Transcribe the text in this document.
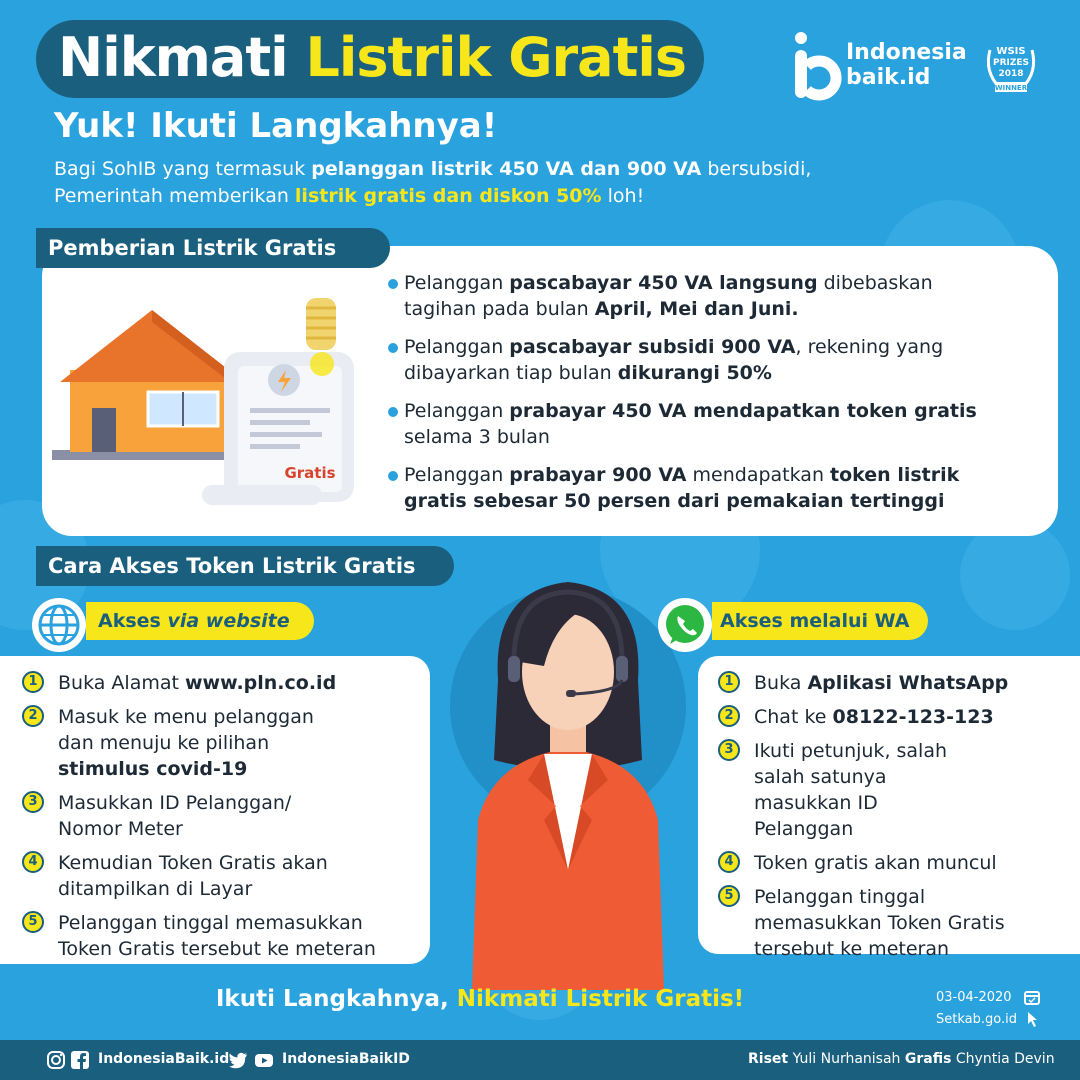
Nikmati Listrik Gratis
Yuk! Ikuti Langkahnya!
Bagi SohIB yang termasuk pelanggan listrik 450 VA dan 900 VA bersubsidi,
Pemerintah memberikan listrik gratis dan diskon 50% loh!
Indonesia
baik.id
WSIS
PRIZES
2018
WINNER
Pemberian Listrik Gratis
Gratis
Pelanggan pascabayar 450 VA langsung dibebaskan tagihan pada bulan April, Mei dan Juni.
Pelanggan pascabayar subsidi 900 VA, rekening yang dibayarkan tiap bulan dikurangi 50%
Pelanggan prabayar 450 VA mendapatkan token gratis selama 3 bulan
Pelanggan prabayar 900 VA mendapatkan token listrik gratis sebesar 50 persen dari pemakaian tertinggi
Cara Akses Token Listrik Gratis
Akses via website
1	Buka Alamat www.pln.co.id
2	Masuk ke menu pelanggan dan menuju ke pilihan stimulus covid-19
3	Masukkan ID Pelanggan/ Nomor Meter
4	Kemudian Token Gratis akan ditampilkan di Layar
5	Pelanggan tinggal memasukkan Token Gratis tersebut ke meteran
Akses melalui WA
1	Buka Aplikasi WhatsApp
2	Chat ke 08122-123-123
3	Ikuti petunjuk, salah salah satunya masukkan ID Pelanggan
4	Token gratis akan muncul
5	Pelanggan tinggal memasukkan Token Gratis tersebut ke meteran
Ikuti Langkahnya, Nikmati Listrik Gratis!	03-04-2020
Setkab.go.id
IndonesiaBaik.id	IndonesiaBaikID	Riset Yuli Nurhanisah Grafis Chyntia Devin
